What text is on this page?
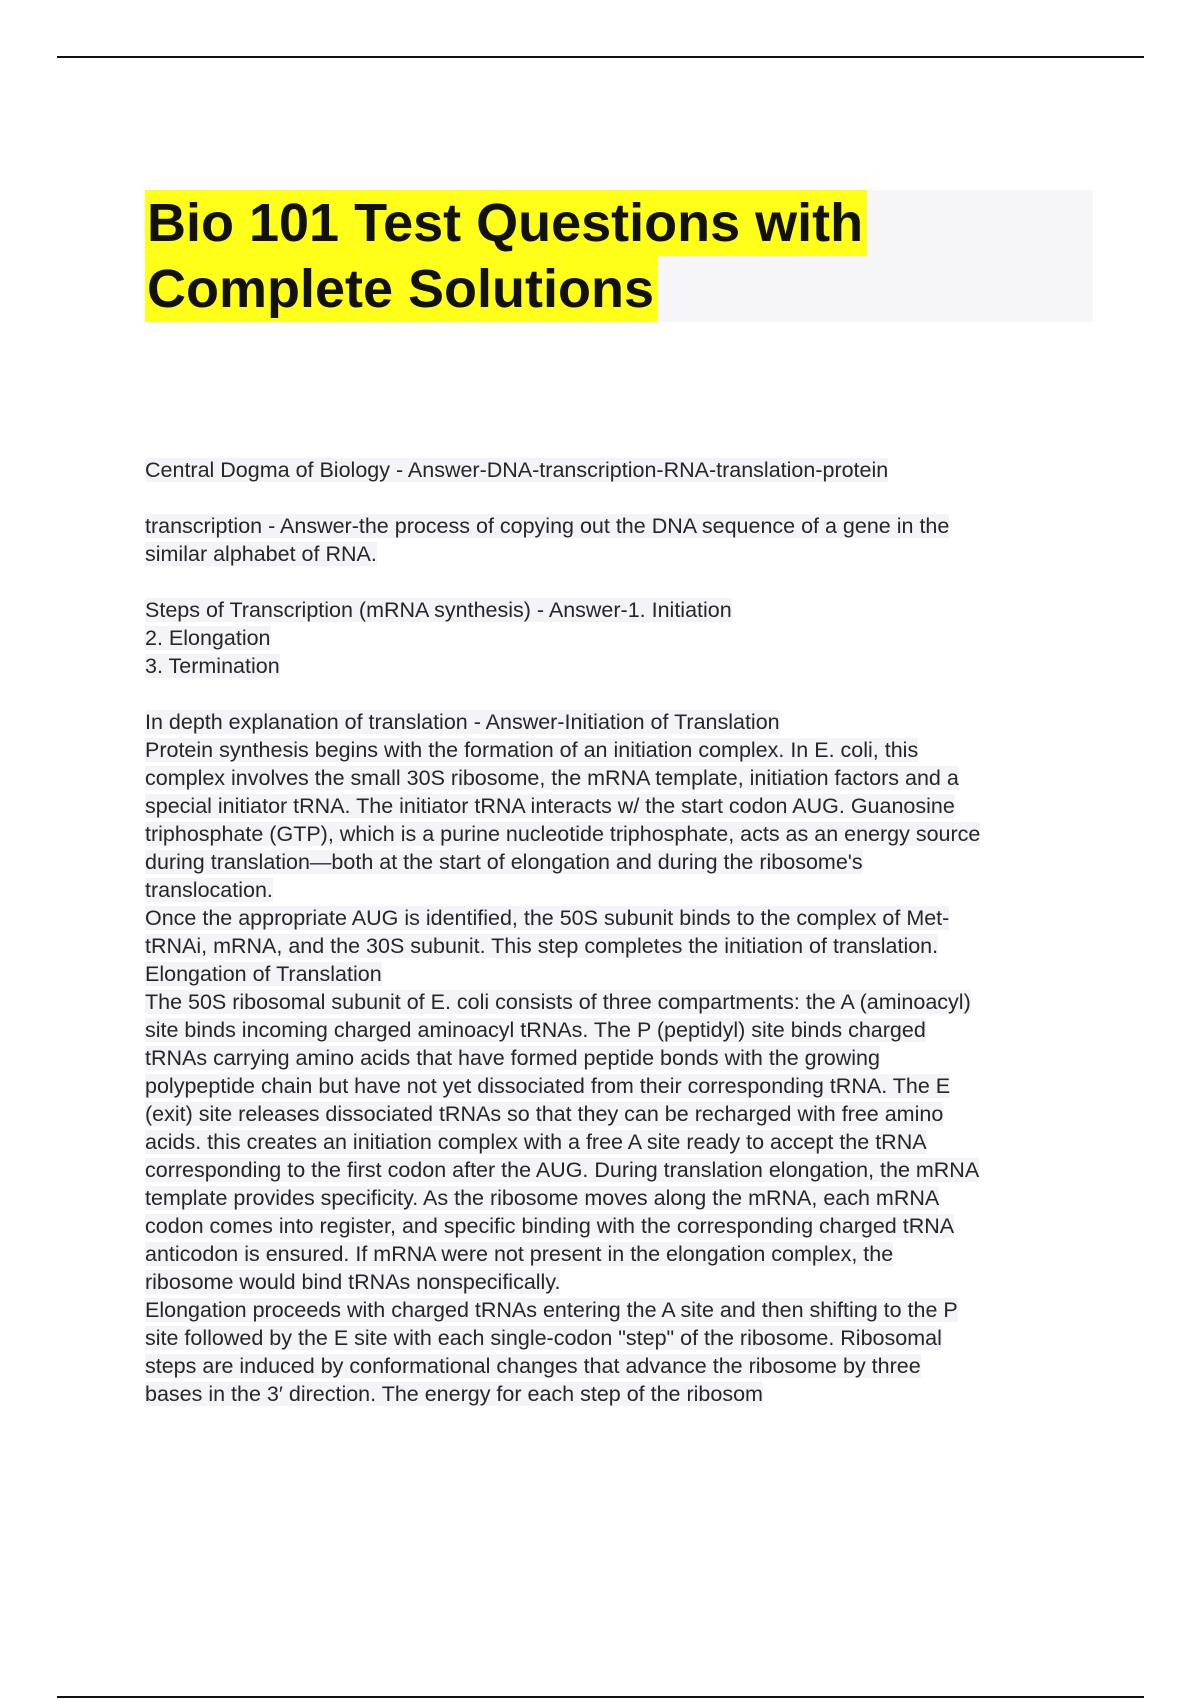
Bio 101 Test Questions with
Complete Solutions

Central Dogma of Biology - Answer-DNA-transcription-RNA-translation-protein

transcription - Answer-the process of copying out the DNA sequence of a gene in the
similar alphabet of RNA.

Steps of Transcription (mRNA synthesis) - Answer-1. Initiation
2. Elongation
3. Termination

In depth explanation of translation - Answer-Initiation of Translation
Protein synthesis begins with the formation of an initiation complex. In E. coli, this
complex involves the small 30S ribosome, the mRNA template, initiation factors and a
special initiator tRNA. The initiator tRNA interacts w/ the start codon AUG. Guanosine
triphosphate (GTP), which is a purine nucleotide triphosphate, acts as an energy source
during translation—both at the start of elongation and during the ribosome's
translocation.
Once the appropriate AUG is identified, the 50S subunit binds to the complex of Met-
tRNAi, mRNA, and the 30S subunit. This step completes the initiation of translation.
Elongation of Translation
The 50S ribosomal subunit of E. coli consists of three compartments: the A (aminoacyl)
site binds incoming charged aminoacyl tRNAs. The P (peptidyl) site binds charged
tRNAs carrying amino acids that have formed peptide bonds with the growing
polypeptide chain but have not yet dissociated from their corresponding tRNA. The E
(exit) site releases dissociated tRNAs so that they can be recharged with free amino
acids. this creates an initiation complex with a free A site ready to accept the tRNA
corresponding to the first codon after the AUG. During translation elongation, the mRNA
template provides specificity. As the ribosome moves along the mRNA, each mRNA
codon comes into register, and specific binding with the corresponding charged tRNA
anticodon is ensured. If mRNA were not present in the elongation complex, the
ribosome would bind tRNAs nonspecifically.
Elongation proceeds with charged tRNAs entering the A site and then shifting to the P
site followed by the E site with each single-codon "step" of the ribosome. Ribosomal
steps are induced by conformational changes that advance the ribosome by three
bases in the 3′ direction. The energy for each step of the ribosom
